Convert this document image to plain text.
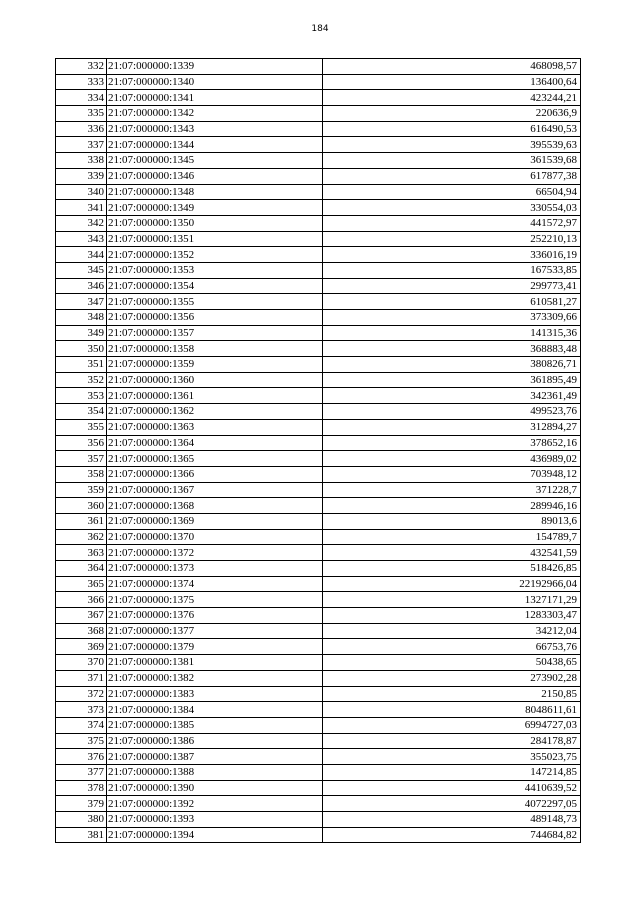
184
332	21:07:000000:1339	468098,57
333	21:07:000000:1340	136400,64
334	21:07:000000:1341	423244,21
335	21:07:000000:1342	220636,9
336	21:07:000000:1343	616490,53
337	21:07:000000:1344	395539,63
338	21:07:000000:1345	361539,68
339	21:07:000000:1346	617877,38
340	21:07:000000:1348	66504,94
341	21:07:000000:1349	330554,03
342	21:07:000000:1350	441572,97
343	21:07:000000:1351	252210,13
344	21:07:000000:1352	336016,19
345	21:07:000000:1353	167533,85
346	21:07:000000:1354	299773,41
347	21:07:000000:1355	610581,27
348	21:07:000000:1356	373309,66
349	21:07:000000:1357	141315,36
350	21:07:000000:1358	368883,48
351	21:07:000000:1359	380826,71
352	21:07:000000:1360	361895,49
353	21:07:000000:1361	342361,49
354	21:07:000000:1362	499523,76
355	21:07:000000:1363	312894,27
356	21:07:000000:1364	378652,16
357	21:07:000000:1365	436989,02
358	21:07:000000:1366	703948,12
359	21:07:000000:1367	371228,7
360	21:07:000000:1368	289946,16
361	21:07:000000:1369	89013,6
362	21:07:000000:1370	154789,7
363	21:07:000000:1372	432541,59
364	21:07:000000:1373	518426,85
365	21:07:000000:1374	22192966,04
366	21:07:000000:1375	1327171,29
367	21:07:000000:1376	1283303,47
368	21:07:000000:1377	34212,04
369	21:07:000000:1379	66753,76
370	21:07:000000:1381	50438,65
371	21:07:000000:1382	273902,28
372	21:07:000000:1383	2150,85
373	21:07:000000:1384	8048611,61
374	21:07:000000:1385	6994727,03
375	21:07:000000:1386	284178,87
376	21:07:000000:1387	355023,75
377	21:07:000000:1388	147214,85
378	21:07:000000:1390	4410639,52
379	21:07:000000:1392	4072297,05
380	21:07:000000:1393	489148,73
381	21:07:000000:1394	744684,82
